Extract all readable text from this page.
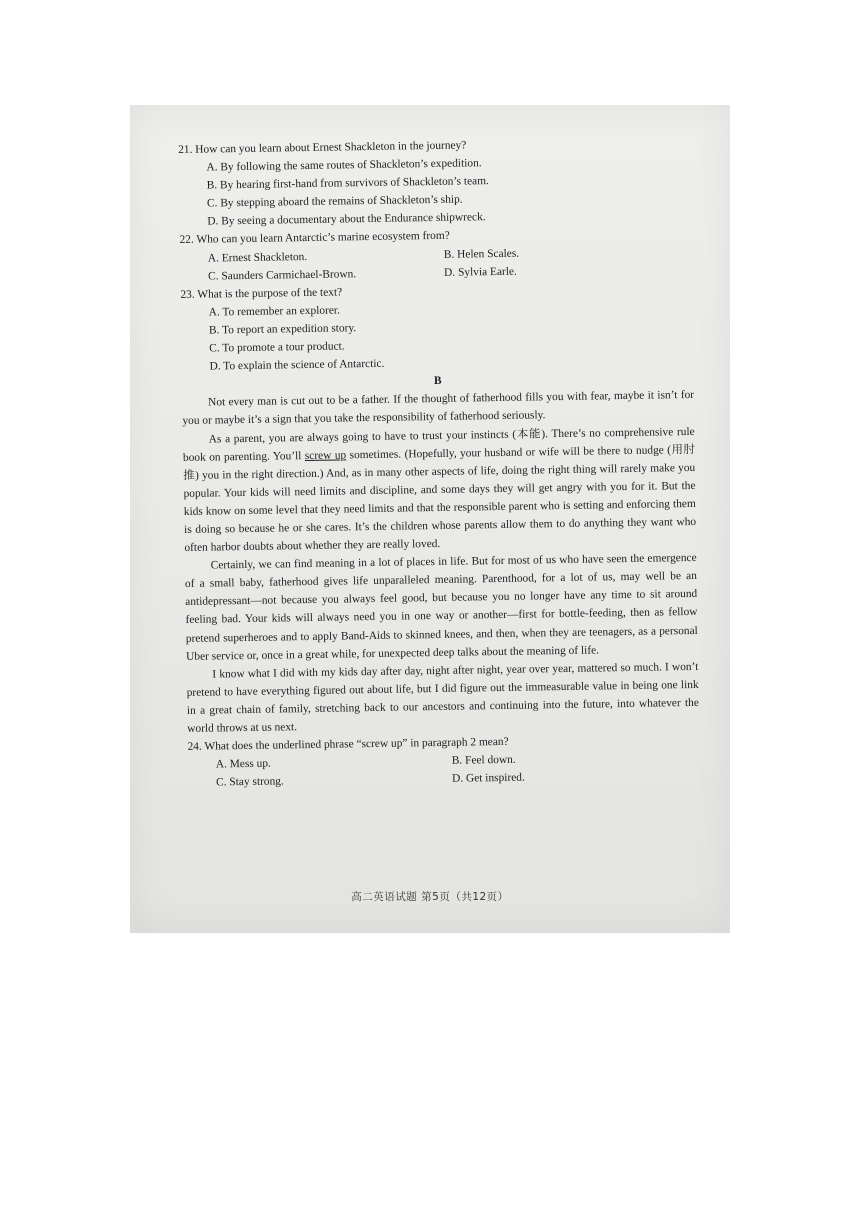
21. How can you learn about Ernest Shackleton in the journey?

A. By following the same routes of Shackleton’s expedition.

B. By hearing first-hand from survivors of Shackleton’s team.

C. By stepping aboard the remains of Shackleton’s ship.

D. By seeing a documentary about the Endurance shipwreck.

22. Who can you learn Antarctic’s marine ecosystem from?

A. Ernest Shackleton.	B. Helen Scales.
C. Saunders Carmichael-Brown.	D. Sylvia Earle.

23. What is the purpose of the text?

A. To remember an explorer.

B. To report an expedition story.

C. To promote a tour product.

D. To explain the science of Antarctic.

B

Not every man is cut out to be a father. If the thought of fatherhood fills you with fear, maybe it isn’t for you or maybe it’s a sign that you take the responsibility of fatherhood seriously.

As a parent, you are always going to have to trust your instincts (本能). There’s no comprehensive rule book on parenting. You’ll screw up sometimes. (Hopefully, your husband or wife will be there to nudge (用肘推) you in the right direction.) And, as in many other aspects of life, doing the right thing will rarely make you popular. Your kids will need limits and discipline, and some days they will get angry with you for it. But the kids know on some level that they need limits and that the responsible parent who is setting and enforcing them is doing so because he or she cares. It’s the children whose parents allow them to do anything they want who often harbor doubts about whether they are really loved.

Certainly, we can find meaning in a lot of places in life. But for most of us who have seen the emergence of a small baby, fatherhood gives life unparalleled meaning. Parenthood, for a lot of us, may well be an antidepressant—not because you always feel good, but because you no longer have any time to sit around feeling bad. Your kids will always need you in one way or another—first for bottle-feeding, then as fellow pretend superheroes and to apply Band-Aids to skinned knees, and then, when they are teenagers, as a personal Uber service or, once in a great while, for unexpected deep talks about the meaning of life.

I know what I did with my kids day after day, night after night, year over year, mattered so much. I won’t pretend to have everything figured out about life, but I did figure out the immeasurable value in being one link in a great chain of family, stretching back to our ancestors and continuing into the future, into whatever the world throws at us next.

24. What does the underlined phrase “screw up” in paragraph 2 mean?

A. Mess up.	B. Feel down.
C. Stay strong.	D. Get inspired.
高二英语试题 第5页（共12页）
